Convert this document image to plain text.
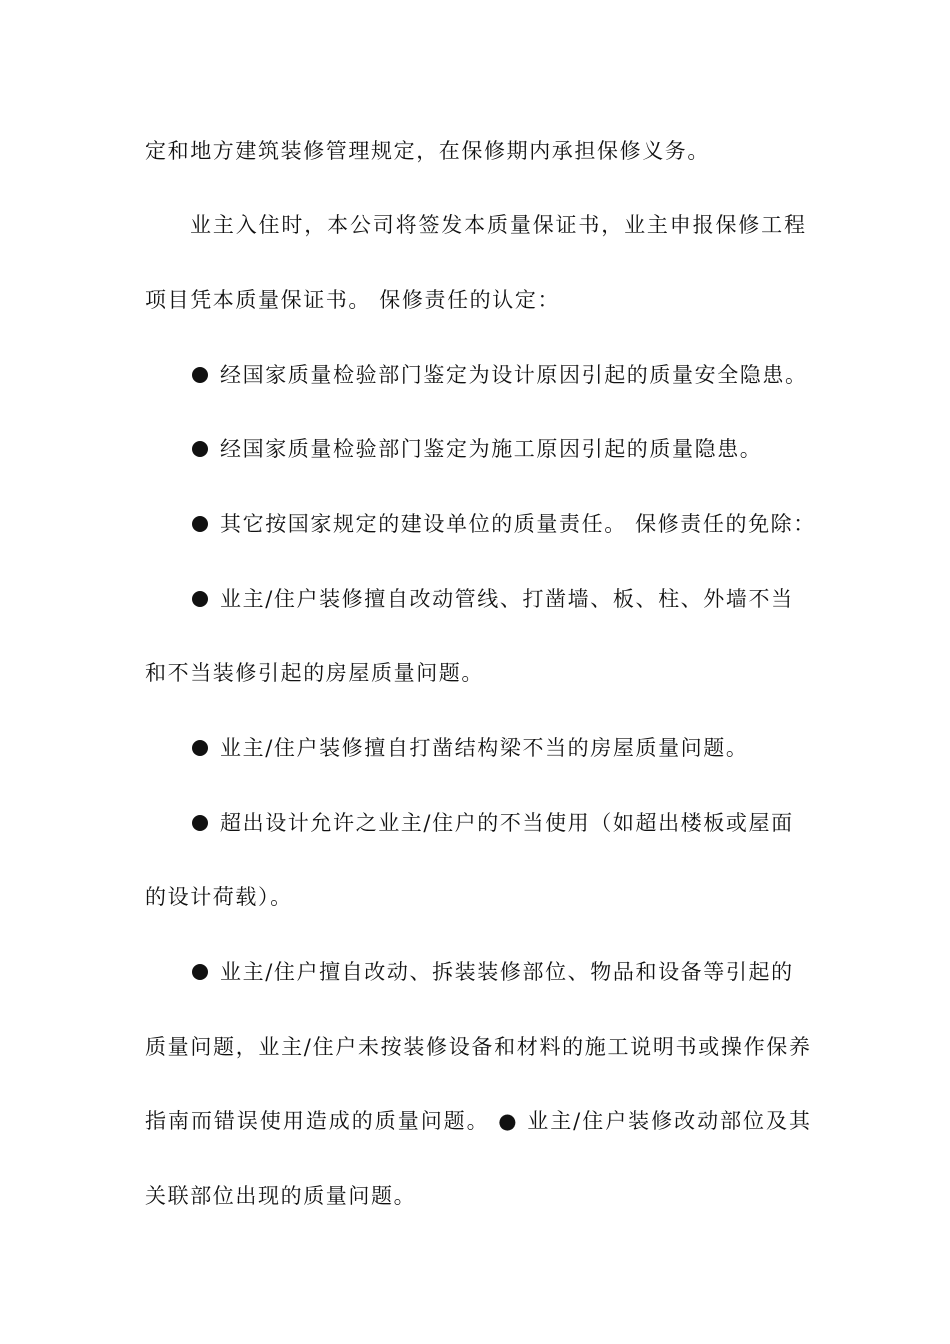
定和地方建筑装修管理规定，在保修期内承担保修义务。
业主入住时，本公司将签发本质量保证书，业主申报保修工程
项目凭本质量保证书。 保修责任的认定：
经国家质量检验部门鉴定为设计原因引起的质量安全隐患。
经国家质量检验部门鉴定为施工原因引起的质量隐患。
其它按国家规定的建设单位的质量责任。 保修责任的免除：
业主/住户装修擅自改动管线、打凿墙、板、柱、外墙不当
和不当装修引起的房屋质量问题。
业主/住户装修擅自打凿结构梁不当的房屋质量问题。
超出设计允许之业主/住户的不当使用（如超出楼板或屋面
的设计荷载）。
业主/住户擅自改动、拆装装修部位、物品和设备等引起的
质量问题，业主/住户未按装修设备和材料的施工说明书或操作保养
指南而错误使用造成的质量问题。 ● 业主/住户装修改动部位及其
关联部位出现的质量问题。
